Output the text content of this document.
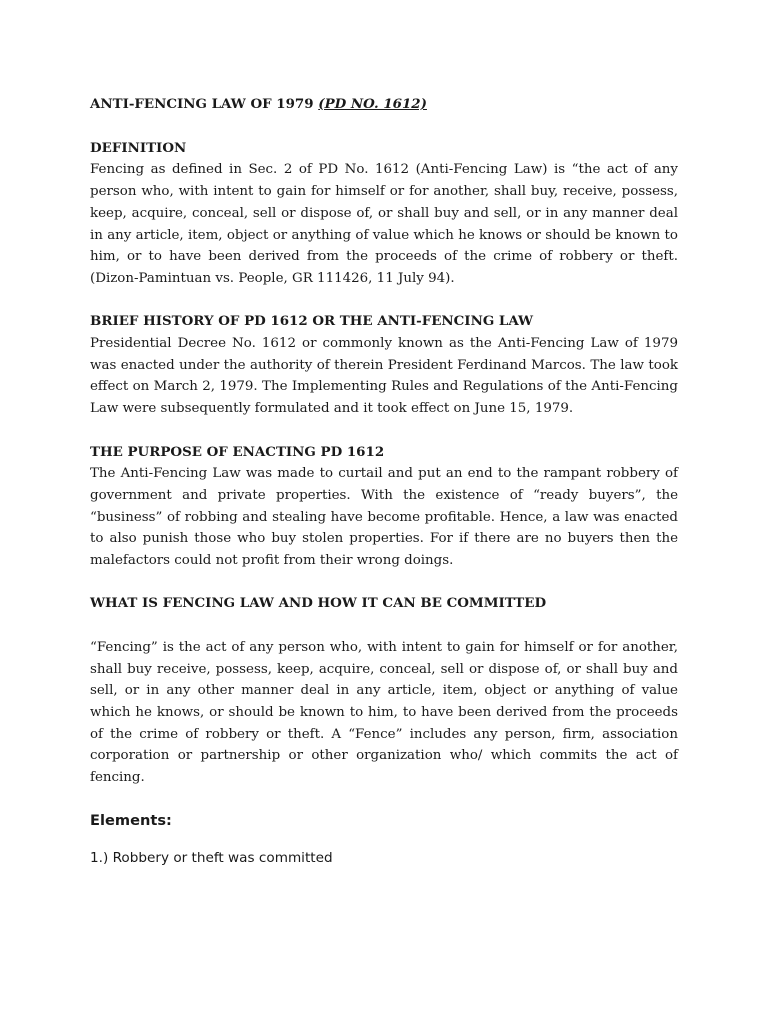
ANTI-FENCING LAW OF 1979 (PD NO. 1612)

DEFINITION

Fencing as defined in Sec. 2 of PD No. 1612 (Anti-Fencing Law) is “the act of any person who, with intent to gain for himself or for another, shall buy, receive, possess, keep, acquire, conceal, sell or dispose of, or shall buy and sell, or in any manner deal in any article, item, object or anything of value which he knows or should be known to him, or to have been derived from the proceeds of the crime of robbery or theft. (Dizon-Pamintuan vs. People, GR 111426, 11 July 94).

BRIEF HISTORY OF PD 1612 OR THE ANTI-FENCING LAW

Presidential Decree No. 1612 or commonly known as the Anti-Fencing Law of 1979 was enacted under the authority of therein President Ferdinand Marcos. The law took effect on March 2, 1979. The Implementing Rules and Regulations of the Anti-Fencing Law were subsequently formulated and it took effect on June 15, 1979.

THE PURPOSE OF ENACTING PD 1612

The Anti-Fencing Law was made to curtail and put an end to the rampant robbery of government and private properties. With the existence of “ready buyers”, the “business” of robbing and stealing have become profitable. Hence, a law was enacted to also punish those who buy stolen properties. For if there are no buyers then the malefactors could not profit from their wrong doings.

WHAT IS FENCING LAW AND HOW IT CAN BE COMMITTED

“Fencing” is the act of any person who, with intent to gain for himself or for another, shall buy receive, possess, keep, acquire, conceal, sell or dispose of, or shall buy and sell, or in any other manner deal in any article, item, object or anything of value which he knows, or should be known to him, to have been derived from the proceeds of the crime of robbery or theft. A “Fence” includes any person, firm, association corporation or partnership or other organization who/ which commits the act of fencing.

Elements:

1.) Robbery or theft was committed
